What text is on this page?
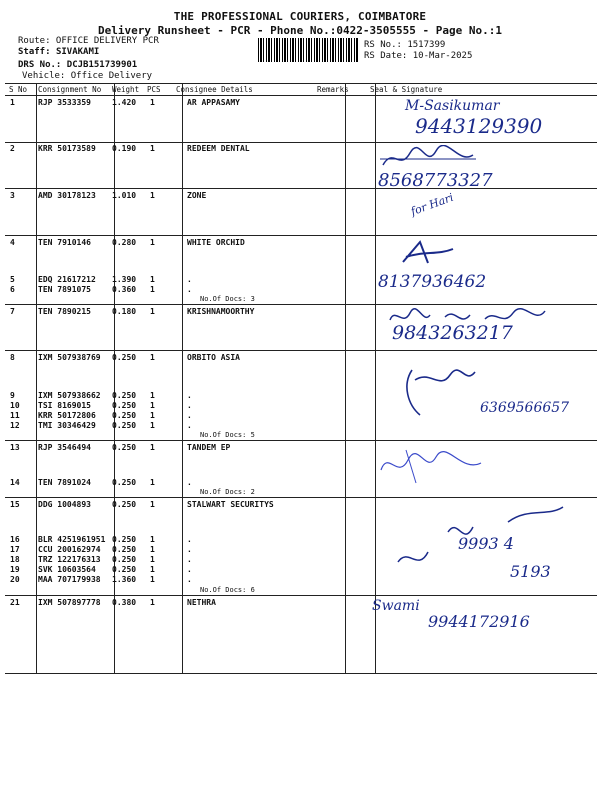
THE PROFESSIONAL COURIERS, COIMBATORE
Delivery Runsheet - PCR - Phone No.:0422-3505555 - Page No.:1
Route: OFFICE DELIVERY PCR
Staff: SIVAKAMI
DRS No.: DCJB151739901
Vehicle: Office Delivery
RS No.: 1517399
RS Date: 10-Mar-2025
S No Consignment No Weight PCS Consignee Details	Remarks	Seal & Signature
1	RJP 3533359	1.420 1	AR APPASAMY
2	KRR 50173589 0.190 1	REDEEM DENTAL
3	AMD 30178123 1.010 1	ZONE
4	TEN 7910146	0.280 1	WHITE ORCHID
5	EDQ 21617212 1.390 1	.
6	TEN 7891075	0.360 1	.
7	TEN 7890215	0.180 1	KRISHNAMOORTHY
8	IXM 507938769 0.250 1	ORBITO ASIA
9	IXM 507938662 0.250 1	.
10 TSI 8169015	0.250 1	.
11 KRR 50172806 0.250 1	.
12 TMI 30346429 0.250 1	.
13 RJP 3546494	0.250 1	TANDEM EP
14 TEN 7891024	0.250 1	.
15 DDG 1004893	0.250 1	STALWART SECURITYS
16 BLR 4251961951 0.250 1	.
17 CCU 200162974 0.250 1	.
18 TRZ 122176313 0.250 1	.
19 SVK 10603564 0.250 1	.
20 MAA 707179938 1.360 1	.
21 IXM 507897778 0.380 1	NETHRA
No.Of Docs: 3
No.Of Docs: 5
No.Of Docs: 2
No.Of Docs: 6
M-Sasikumar
9443129390
8568773327
for Hari
8137936462
9843263217
6369566657
9993 4
5193
Swami
9944172916
